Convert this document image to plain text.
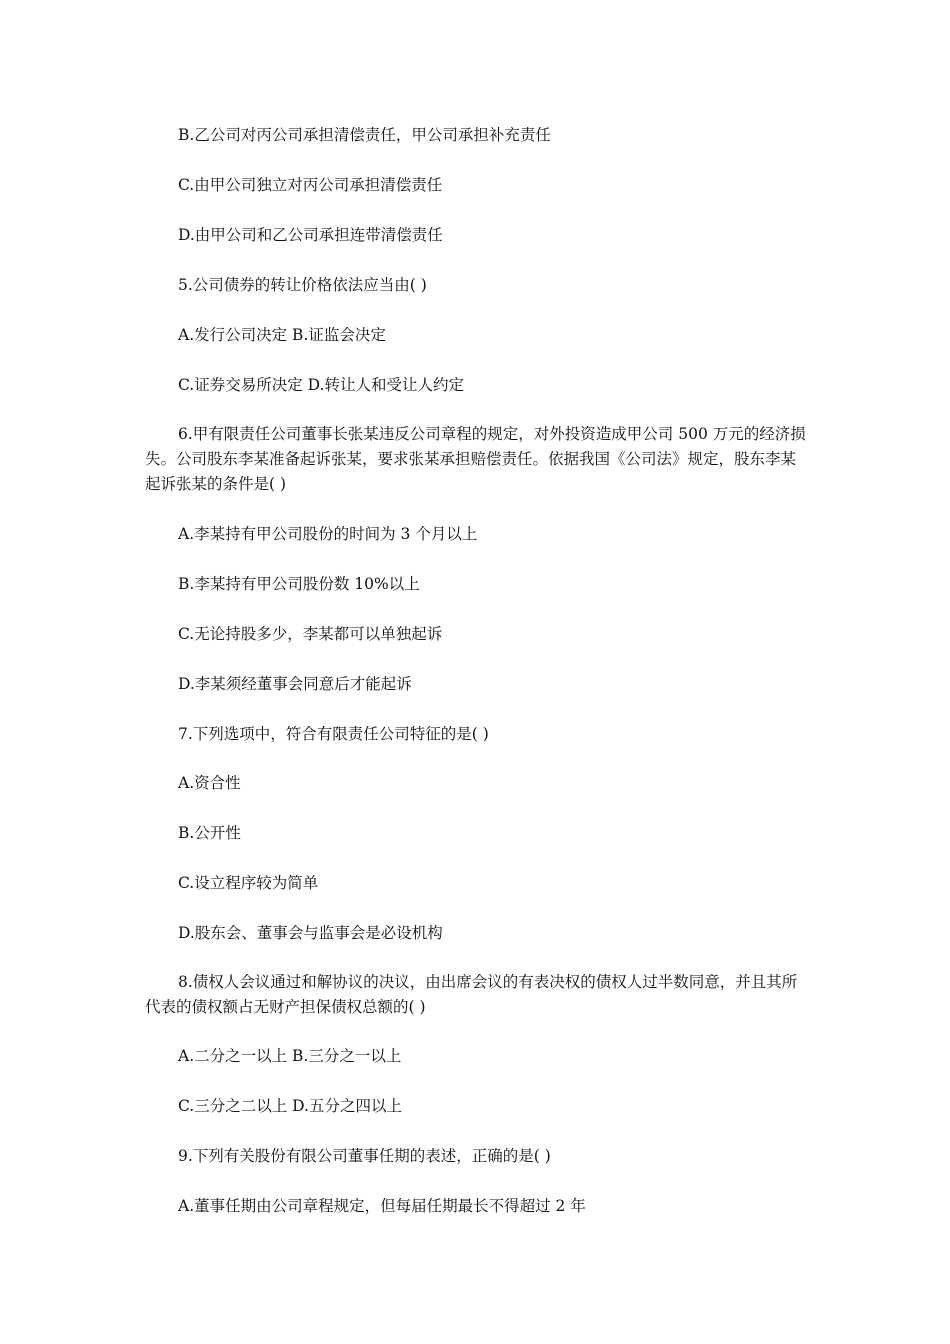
B.乙公司对丙公司承担清偿责任，甲公司承担补充责任
C.由甲公司独立对丙公司承担清偿责任
D.由甲公司和乙公司承担连带清偿责任
5.公司债券的转让价格依法应当由( )
A.发行公司决定 B.证监会决定
C.证券交易所决定 D.转让人和受让人约定
6.甲有限责任公司董事长张某违反公司章程的规定，对外投资造成甲公司 500 万元的经济损失。公司股东李某准备起诉张某，要求张某承担赔偿责任。依据我国《公司法》规定，股东李某起诉张某的条件是( )
A.李某持有甲公司股份的时间为 3 个月以上
B.李某持有甲公司股份数 10%以上
C.无论持股多少，李某都可以单独起诉
D.李某须经董事会同意后才能起诉
7.下列选项中，符合有限责任公司特征的是( )
A.资合性
B.公开性
C.设立程序较为简单
D.股东会、董事会与监事会是必设机构
8.债权人会议通过和解协议的决议，由出席会议的有表决权的债权人过半数同意，并且其所代表的债权额占无财产担保债权总额的( )
A.二分之一以上 B.三分之一以上
C.三分之二以上 D.五分之四以上
9.下列有关股份有限公司董事任期的表述，正确的是( )
A.董事任期由公司章程规定，但每届任期最长不得超过 2 年
